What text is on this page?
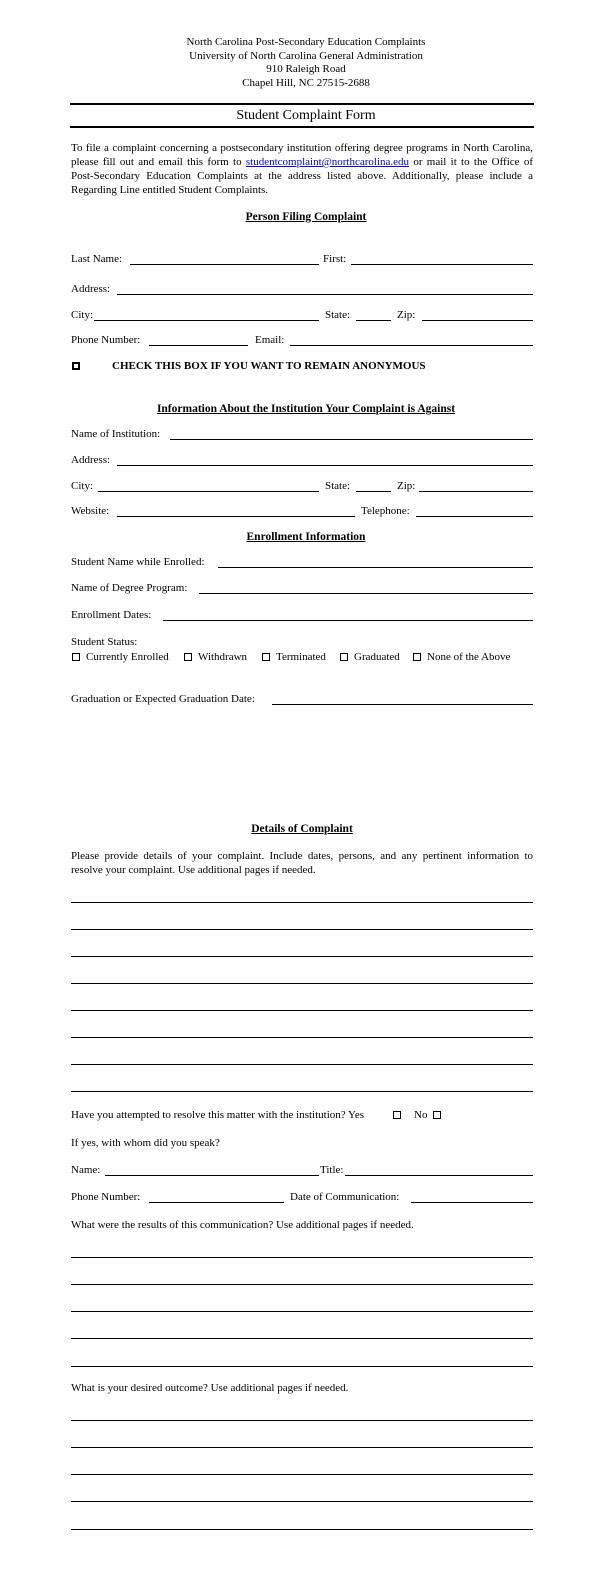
North Carolina Post-Secondary Education Complaints
University of North Carolina General Administration
910 Raleigh Road
Chapel Hill, NC 27515-2688
Student Complaint Form
To file a complaint concerning a postsecondary institution offering degree programs in North Carolina, please fill out and email this form to studentcomplaint@northcarolina.edu or mail it to the Office of Post-Secondary Education Complaints at the address listed above. Additionally, please include a Regarding Line entitled Student Complaints.
Person Filing Complaint
Last Name:	First:
Address:
City:	State:	Zip:
Phone Number:	Email:
CHECK THIS BOX IF YOU WANT TO REMAIN ANONYMOUS
Information About the Institution Your Complaint is Against
Name of Institution:
Address:
City:	State:	Zip:
Website:	Telephone:
Enrollment Information
Student Name while Enrolled:
Name of Degree Program:
Enrollment Dates:
Student Status:
Currently Enrolled	Withdrawn	Terminated	Graduated None of the Above
Graduation or Expected Graduation Date:
Details of Complaint
Please provide details of your complaint. Include dates, persons, and any pertinent information to resolve your complaint. Use additional pages if needed.
Have you attempted to resolve this matter with the institution? Yes	No
If yes, with whom did you speak?
Name:	Title:
Phone Number:	Date of Communication:
What were the results of this communication? Use additional pages if needed.
What is your desired outcome? Use additional pages if needed.
